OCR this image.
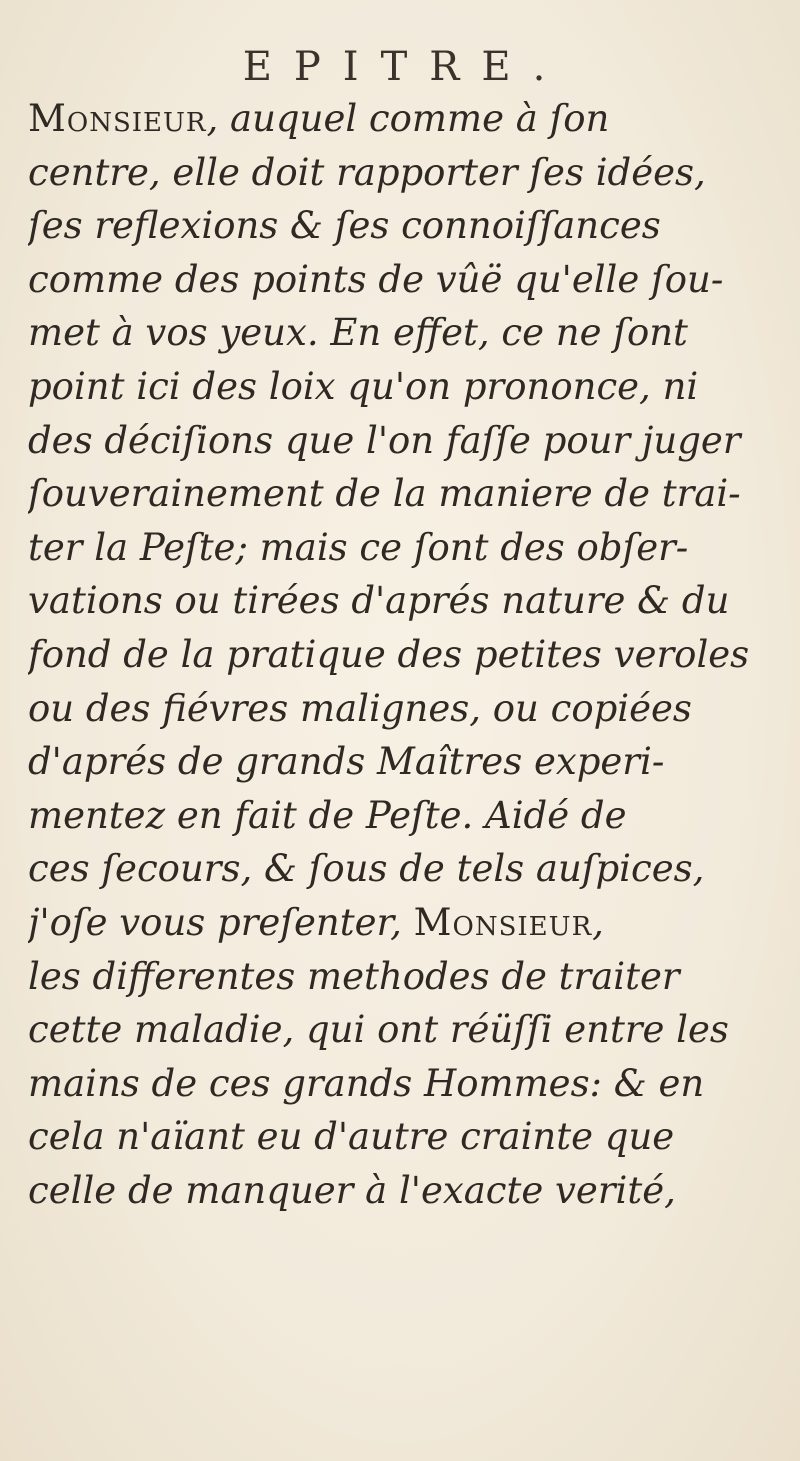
EPITRE.
Monsieur, auquel comme à ſon
centre, elle doit rapporter ſes idées,
ſes reflexions & ſes connoiſſances
comme des points de vûë qu'elle ſou-
met à vos yeux. En effet, ce ne ſont
point ici des loix qu'on prononce, ni
des déciſions que l'on faſſe pour juger
ſouverainement de la maniere de trai-
ter la Peſte; mais ce ſont des obſer-
vations ou tirées d'aprés nature & du
fond de la pratique des petites veroles
ou des fiévres malignes, ou copiées
d'aprés de grands Maîtres experi-
mentez en fait de Peſte. Aidé de
ces ſecours, & ſous de tels auſpices,
j'oſe vous preſenter, Monsieur,
les differentes methodes de traiter
cette maladie, qui ont réüſſi entre les
mains de ces grands Hommes: & en
cela n'aïant eu d'autre crainte que
celle de manquer à l'exacte verité,
